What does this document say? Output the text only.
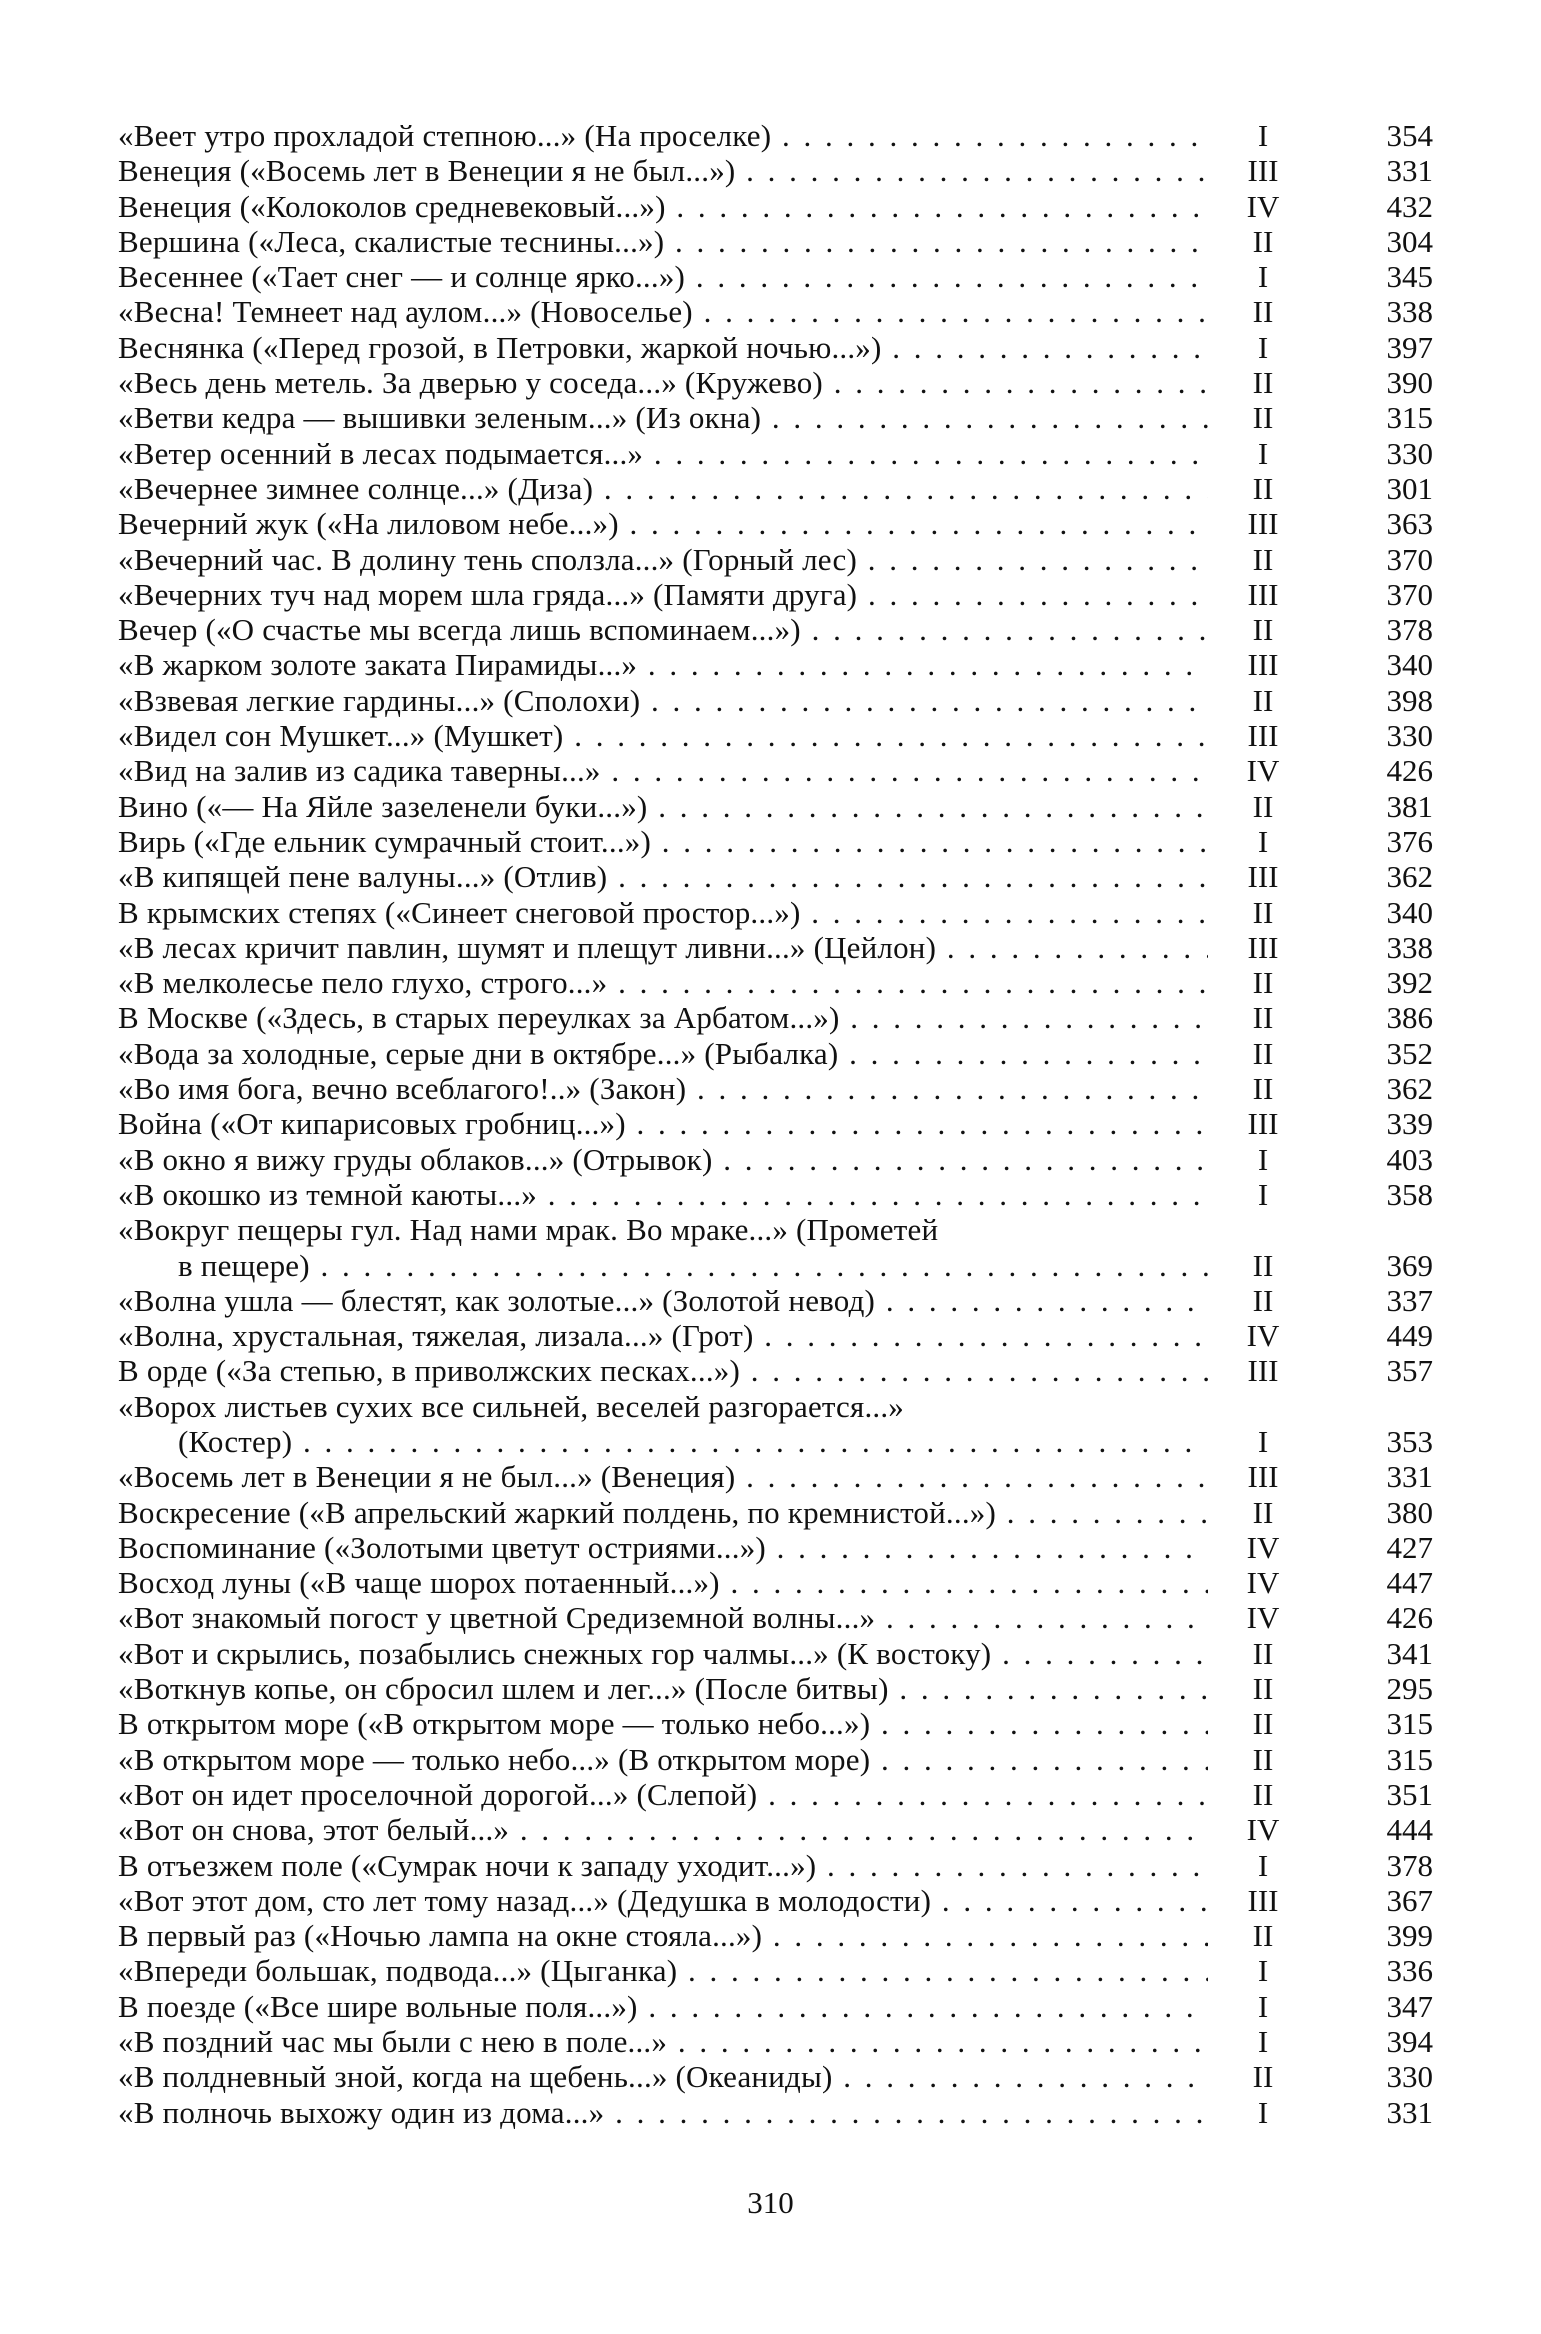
«Веет утро прохладой степною...» (На проселке) . . .	I	354
Венеция («Восемь лет в Венеции я не был...») . . .	III	331
Венеция («Колоколов средневековый...») . . .	IV	432
Вершина («Леса, скалистые теснины...») . . .	II	304
Весеннее («Тает снег — и солнце ярко...») . . .	I	345
«Весна! Темнеет над аулом...» (Новоселье) . . .	II	338
Веснянка («Перед грозой, в Петровки, жаркой ночью...») . . .	I	397
«Весь день метель. За дверью у соседа...» (Кружево) . . .	II	390
«Ветви кедра — вышивки зеленым...» (Из окна) . . .	II	315
«Ветер осенний в лесах подымается...» . . .	I	330
«Вечернее зимнее солнце...» (Диза) . . .	II	301
Вечерний жук («На лиловом небе...») . . .	III	363
«Вечерний час. В долину тень сползла...» (Горный лес) . . .	II	370
«Вечерних туч над морем шла гряда...» (Памяти друга) . . .	III	370
Вечер («О счастье мы всегда лишь вспоминаем...») . . .	II	378
«В жарком золоте заката Пирамиды...» . . .	III	340
«Взвевая легкие гардины...» (Сполохи) . . .	II	398
«Видел сон Мушкет...» (Мушкет) . . .	III	330
«Вид на залив из садика таверны...» . . .	IV	426
Вино («— На Яйле зазеленели буки...») . . .	II	381
Вирь («Где ельник сумрачный стоит...») . . .	I	376
«В кипящей пене валуны...» (Отлив) . . .	III	362
В крымских степях («Синеет снеговой простор...») . . .	II	340
«В лесах кричит павлин, шумят и плещут ливни...» (Цейлон) . . .	III	338
«В мелколесье пело глухо, строго...» . . .	II	392
В Москве («Здесь, в старых переулках за Арбатом...») . . .	II	386
«Вода за холодные, серые дни в октябре...» (Рыбалка) . . .	II	352
«Во имя бога, вечно всеблагого!..» (Закон) . . .	II	362
Война («От кипарисовых гробниц...») . . .	III	339
«В окно я вижу груды облаков...» (Отрывок) . . .	I	403
«В окошко из темной каюты...» . . .	I	358
«Вокруг пещеры гул. Над нами мрак. Во мраке...» (Прометей
в пещере) . . .	II	369
«Волна ушла — блестят, как золотые...» (Золотой невод) . . .	II	337
«Волна, хрустальная, тяжелая, лизала...» (Грот) . . .	IV	449
В орде («За степью, в приволжских песках...») . . .	III	357
«Ворох листьев сухих все сильней, веселей разгорается...»
(Костер) . . .	I	353
«Восемь лет в Венеции я не был...» (Венеция) . . .	III	331
Воскресение («В апрельский жаркий полдень, по кремнистой...») . . .	II	380
Воспоминание («Золотыми цветут остриями...») . . .	IV	427
Восход луны («В чаще шорох потаенный...») . . .	IV	447
«Вот знакомый погост у цветной Средиземной волны...» . . .	IV	426
«Вот и скрылись, позабылись снежных гор чалмы...» (К востоку) . . .	II	341
«Воткнув копье, он сбросил шлем и лег...» (После битвы) . . .	II	295
В открытом море («В открытом море — только небо...») . . .	II	315
«В открытом море — только небо...» (В открытом море) . . .	II	315
«Вот он идет проселочной дорогой...» (Слепой) . . .	II	351
«Вот он снова, этот белый...» . . .	IV	444
В отъезжем поле («Сумрак ночи к западу уходит...») . . .	I	378
«Вот этот дом, сто лет тому назад...» (Дедушка в молодости) . . .	III	367
В первый раз («Ночью лампа на окне стояла...») . . .	II	399
«Впереди большак, подвода...» (Цыганка) . . .	I	336
В поезде («Все шире вольные поля...») . . .	I	347
«В поздний час мы были с нею в поле...» . . .	I	394
«В полдневный зной, когда на щебень...» (Океаниды) . . .	II	330
«В полночь выхожу один из дома...» . . .	I	331
310
